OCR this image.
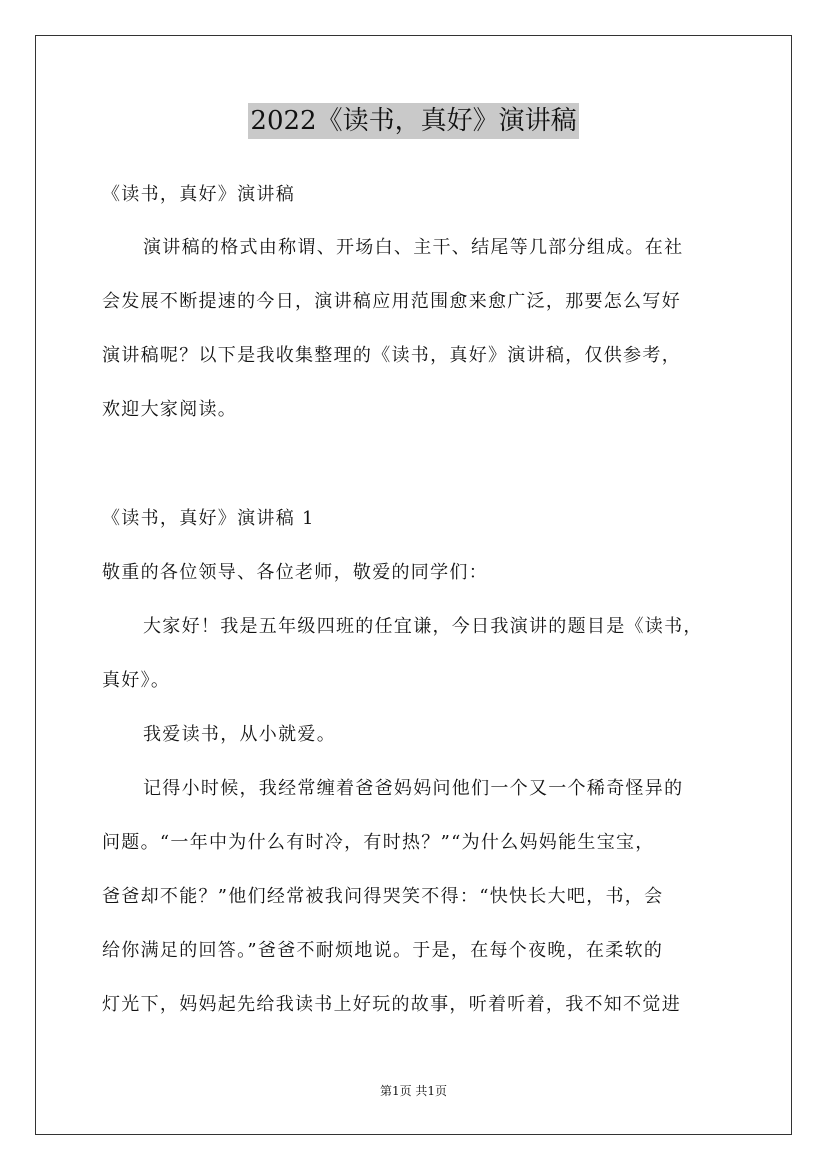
2022《读书，真好》演讲稿
《读书，真好》演讲稿
演讲稿的格式由称谓、开场白、主干、结尾等几部分组成。在社
会发展不断提速的今日，演讲稿应用范围愈来愈广泛，那要怎么写好
演讲稿呢？以下是我收集整理的《读书，真好》演讲稿，仅供参考，
欢迎大家阅读。
《读书，真好》演讲稿 1
敬重的各位领导、各位老师，敬爱的同学们：
大家好！我是五年级四班的任宜谦，今日我演讲的题目是《读书，
真好》。
我爱读书，从小就爱。
记得小时候，我经常缠着爸爸妈妈问他们一个又一个稀奇怪异的
问题。“一年中为什么有时冷，有时热？”“为什么妈妈能生宝宝，
爸爸却不能？”他们经常被我问得哭笑不得：“快快长大吧，书，会
给你满足的回答。”爸爸不耐烦地说。于是，在每个夜晚，在柔软的
灯光下，妈妈起先给我读书上好玩的故事，听着听着，我不知不觉进
第1页 共1页
